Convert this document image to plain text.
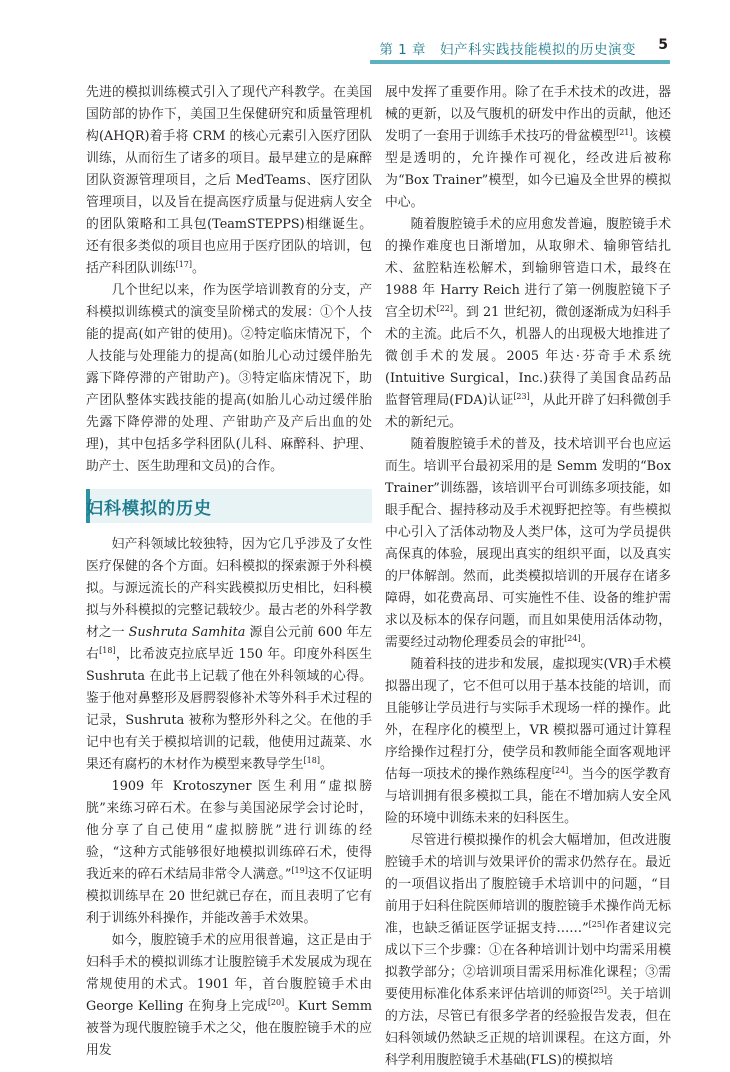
第 1 章　妇产科实践技能模拟的历史演变 5

先进的模拟训练模式引入了现代产科教学。在美国国防部的协作下，美国卫生保健研究和质量管理机构(AHQR)着手将 CRM 的核心元素引入医疗团队训练，从而衍生了诸多的项目。最早建立的是麻醉团队资源管理项目，之后 MedTeams、医疗团队管理项目，以及旨在提高医疗质量与促进病人安全的团队策略和工具包(TeamSTEPPS)相继诞生。还有很多类似的项目也应用于医疗团队的培训，包括产科团队训练[17]。

几个世纪以来，作为医学培训教育的分支，产科模拟训练模式的演变呈阶梯式的发展：①个人技能的提高(如产钳的使用)。②特定临床情况下，个人技能与处理能力的提高(如胎儿心动过缓伴胎先露下降停滞的产钳助产)。③特定临床情况下，助产团队整体实践技能的提高(如胎儿心动过缓伴胎先露下降停滞的处理、产钳助产及产后出血的处理)，其中包括多学科团队(儿科、麻醉科、护理、助产士、医生助理和文员)的合作。

妇科模拟的历史

妇产科领域比较独特，因为它几乎涉及了女性医疗保健的各个方面。妇科模拟的探索源于外科模拟。与源远流长的产科实践模拟历史相比，妇科模拟与外科模拟的完整记载较少。最古老的外科学教材之一 Sushruta Samhita 源自公元前 600 年左右[18]，比希波克拉底早近 150 年。印度外科医生 Sushruta 在此书上记载了他在外科领域的心得。鉴于他对鼻整形及唇腭裂修补术等外科手术过程的记录，Sushruta 被称为整形外科之父。在他的手记中也有关于模拟培训的记载，他使用过蔬菜、水果还有腐朽的木材作为模型来教导学生[18]。

1909 年 Krotoszyner 医生利用“虚拟膀胱”来练习碎石术。在参与美国泌尿学会讨论时，他分享了自己使用“虚拟膀胱”进行训练的经验，“这种方式能够很好地模拟训练碎石术，使得我近来的碎石术结局非常令人满意。”[19]这不仅证明模拟训练早在 20 世纪就已存在，而且表明了它有利于训练外科操作，并能改善手术效果。

如今，腹腔镜手术的应用很普遍，这正是由于妇科手术的模拟训练才让腹腔镜手术发展成为现在常规使用的术式。1901 年，首台腹腔镜手术由 George Kelling 在狗身上完成[20]。Kurt Semm 被誉为现代腹腔镜手术之父，他在腹腔镜手术的应用发

展中发挥了重要作用。除了在手术技术的改进，器械的更新，以及气腹机的研发中作出的贡献，他还发明了一套用于训练手术技巧的骨盆模型[21]。该模型是透明的，允许操作可视化，经改进后被称为“Box Trainer”模型，如今已遍及全世界的模拟中心。

随着腹腔镜手术的应用愈发普遍，腹腔镜手术的操作难度也日渐增加，从取卵术、输卵管结扎术、盆腔粘连松解术，到输卵管造口术，最终在 1988 年 Harry Reich 进行了第一例腹腔镜下子宫全切术[22]。到 21 世纪初，微创逐渐成为妇科手术的主流。此后不久，机器人的出现极大地推进了微创手术的发展。2005 年达·芬奇手术系统(Intuitive Surgical，Inc.)获得了美国食品药品监督管理局(FDA)认证[23]，从此开辟了妇科微创手术的新纪元。

随着腹腔镜手术的普及，技术培训平台也应运而生。培训平台最初采用的是 Semm 发明的“Box Trainer”训练器，该培训平台可训练多项技能，如眼手配合、握持移动及手术视野把控等。有些模拟中心引入了活体动物及人类尸体，这可为学员提供高保真的体验，展现出真实的组织平面，以及真实的尸体解剖。然而，此类模拟培训的开展存在诸多障碍，如花费高昂、可实施性不佳、设备的维护需求以及标本的保存问题，而且如果使用活体动物，需要经过动物伦理委员会的审批[24]。

随着科技的进步和发展，虚拟现实(VR)手术模拟器出现了，它不但可以用于基本技能的培训，而且能够让学员进行与实际手术现场一样的操作。此外，在程序化的模型上，VR 模拟器可通过计算程序给操作过程打分，使学员和教师能全面客观地评估每一项技术的操作熟练程度[24]。当今的医学教育与培训拥有很多模拟工具，能在不增加病人安全风险的环境中训练未来的妇科医生。

尽管进行模拟操作的机会大幅增加，但改进腹腔镜手术的培训与效果评价的需求仍然存在。最近的一项倡议指出了腹腔镜手术培训中的问题，“目前用于妇科住院医师培训的腹腔镜手术操作尚无标准，也缺乏循证医学证据支持……”[25]作者建议完成以下三个步骤：①在各种培训计划中均需采用模拟教学部分；②培训项目需采用标准化课程；③需要使用标准化体系来评估培训的师资[25]。关于培训的方法，尽管已有很多学者的经验报告发表，但在妇科领域仍然缺乏正规的培训课程。在这方面，外科学利用腹腔镜手术基础(FLS)的模拟培
